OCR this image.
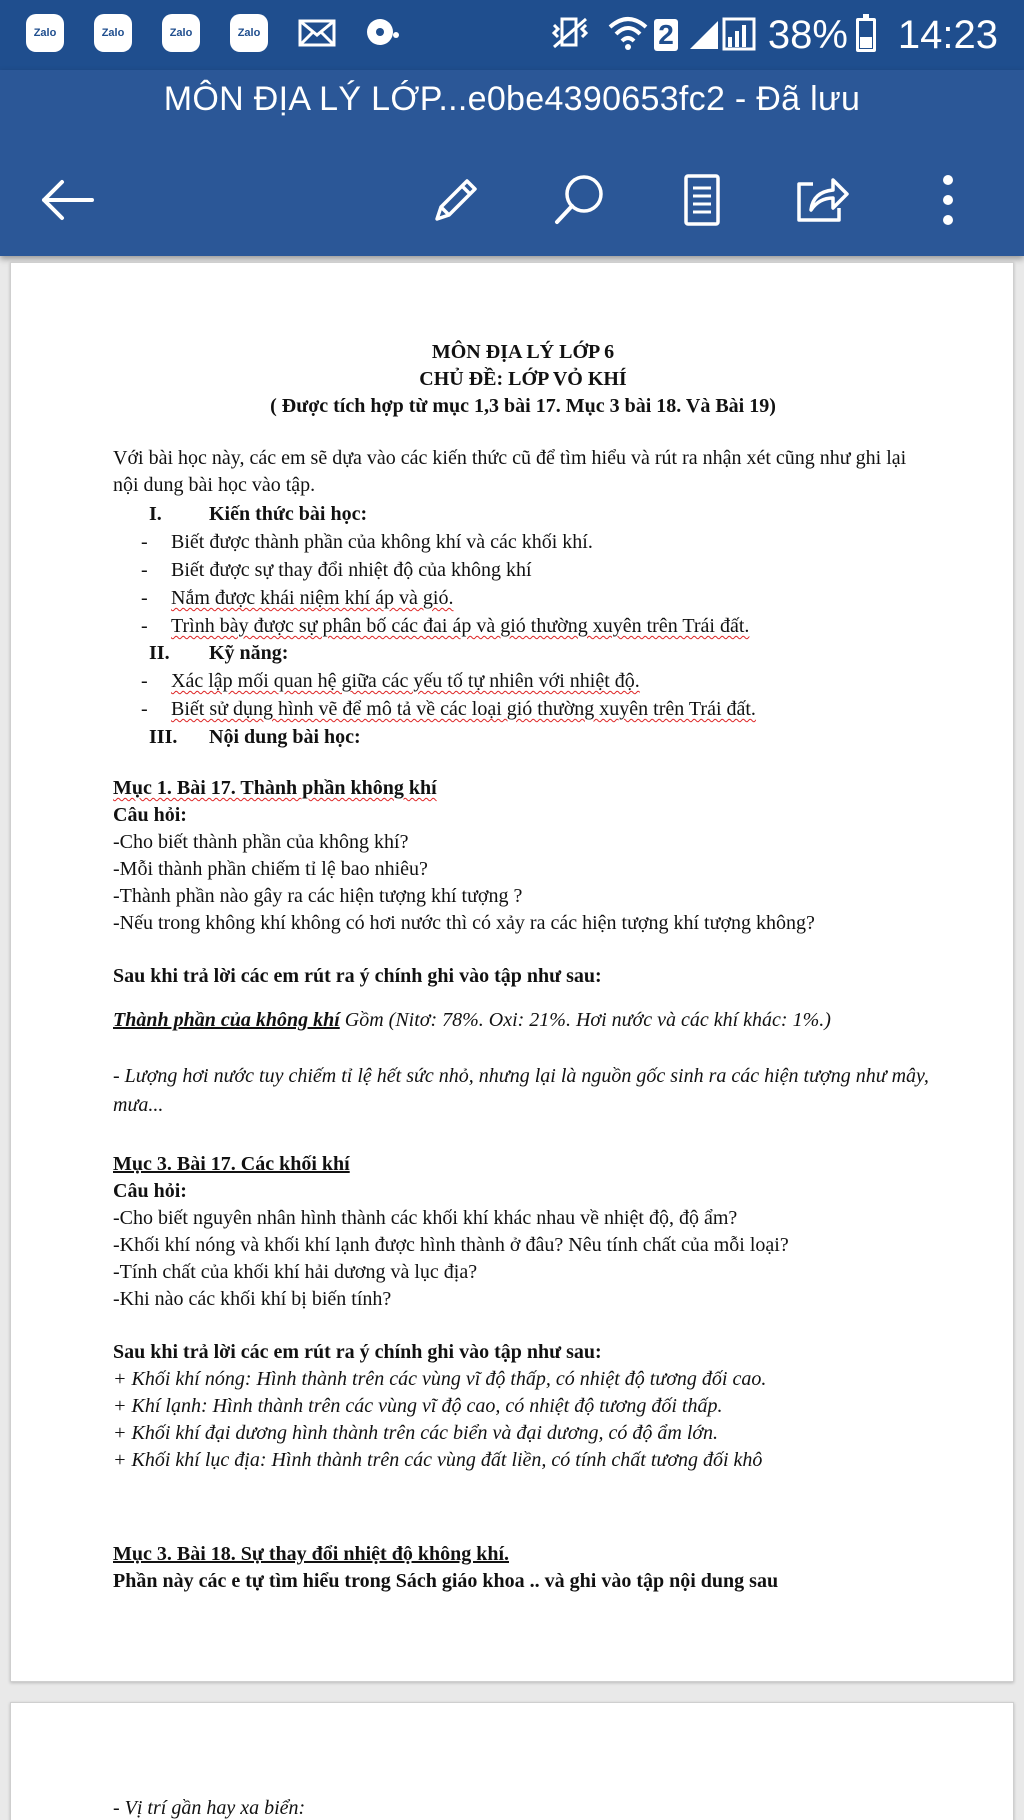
Zalo	Zalo	Zalo	Zalo	2 38% 14:23
MÔN ĐỊA LÝ LỚP...e0be4390653fc2 - Đã lưu
MÔN ĐỊA LÝ LỚP 6
CHỦ ĐỀ: LỚP VỎ KHÍ
( Được tích hợp từ mục 1,3 bài 17. Mục 3 bài 18. Và Bài 19)
Với bài học này, các em sẽ dựa vào các kiến thức cũ để tìm hiểu và rút ra nhận xét cũng như ghi lại nội dung bài học vào tập.
I. Kiến thức bài học:
- Biết được thành phần của không khí và các khối khí.
- Biết được sự thay đổi nhiệt độ của không khí
- Nắm được khái niệm khí áp và gió.
- Trình bày được sự phân bố các đai áp và gió thường xuyên trên Trái đất.
II. Kỹ năng:
- Xác lập mối quan hệ giữa các yếu tố tự nhiên với nhiệt độ.
- Biết sử dụng hình vẽ để mô tả về các loại gió thường xuyên trên Trái đất.
III. Nội dung bài học:
Mục 1. Bài 17. Thành phần không khí
Câu hỏi:
-Cho biết thành phần của không khí?
-Mỗi thành phần chiếm tỉ lệ bao nhiêu?
-Thành phần nào gây ra các hiện tượng khí tượng ?
-Nếu trong không khí không có hơi nước thì có xảy ra các hiện tượng khí tượng không?
Sau khi trả lời các em rút ra ý chính ghi vào tập như sau:
Thành phần của không khí Gồm (Nitơ: 78%. Oxi: 21%. Hơi nước và các khí khác: 1%.)
- Lượng hơi nước tuy chiếm tỉ lệ hết sức nhỏ, nhưng lại là nguồn gốc sinh ra các hiện tượng như mây, mưa...
Mục 3. Bài 17. Các khối khí
Câu hỏi:
-Cho biết nguyên nhân hình thành các khối khí khác nhau về nhiệt độ, độ ẩm?
-Khối khí nóng và khối khí lạnh được hình thành ở đâu? Nêu tính chất của mỗi loại?
-Tính chất của khối khí hải dương và lục địa?
-Khi nào các khối khí bị biến tính?
Sau khi trả lời các em rút ra ý chính ghi vào tập như sau:
+ Khối khí nóng: Hình thành trên các vùng vĩ độ thấp, có nhiệt độ tương đối cao.
+ Khí lạnh: Hình thành trên các vùng vĩ độ cao, có nhiệt độ tương đối thấp.
+ Khối khí đại dương hình thành trên các biển và đại dương, có độ ẩm lớn.
+ Khối khí lục địa: Hình thành trên các vùng đất liền, có tính chất tương đối khô
Mục 3. Bài 18. Sự thay đổi nhiệt độ không khí.
Phần này các e tự tìm hiểu trong Sách giáo khoa .. và ghi vào tập nội dung sau
- Vị trí gần hay xa biển:
